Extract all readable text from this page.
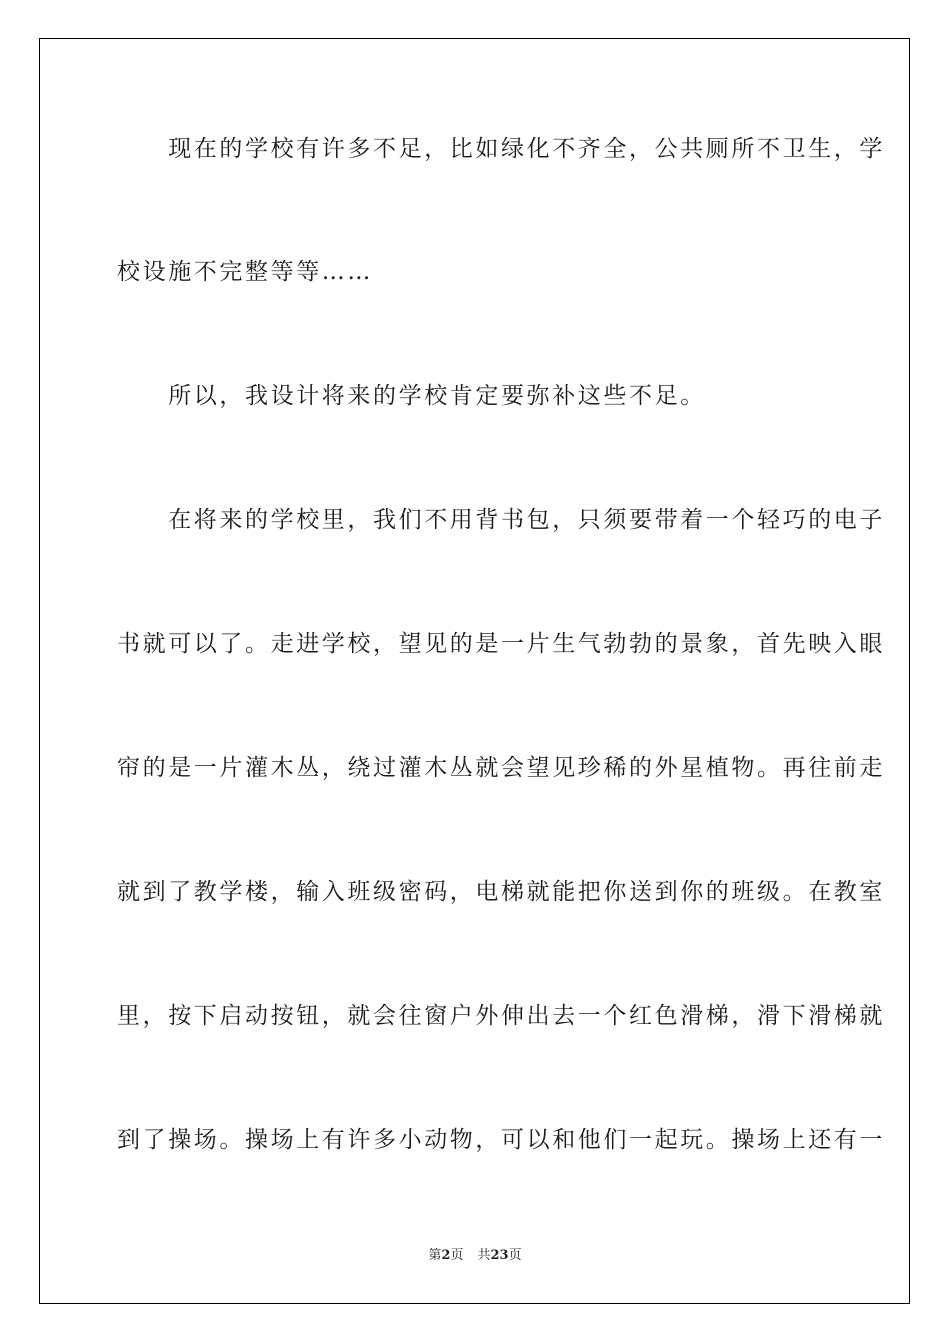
　　现在的学校有许多不足，比如绿化不齐全，公共厕所不卫生，学
校设施不完整等等……
　　所以，我设计将来的学校肯定要弥补这些不足。
　　在将来的学校里，我们不用背书包，只须要带着一个轻巧的电子
书就可以了。走进学校，望见的是一片生气勃勃的景象，首先映入眼
帘的是一片灌木丛，绕过灌木丛就会望见珍稀的外星植物。再往前走
就到了教学楼，输入班级密码，电梯就能把你送到你的班级。在教室
里，按下启动按钮，就会往窗户外伸出去一个红色滑梯，滑下滑梯就
到了操场。操场上有许多小动物，可以和他们一起玩。操场上还有一
第2页 共23页
